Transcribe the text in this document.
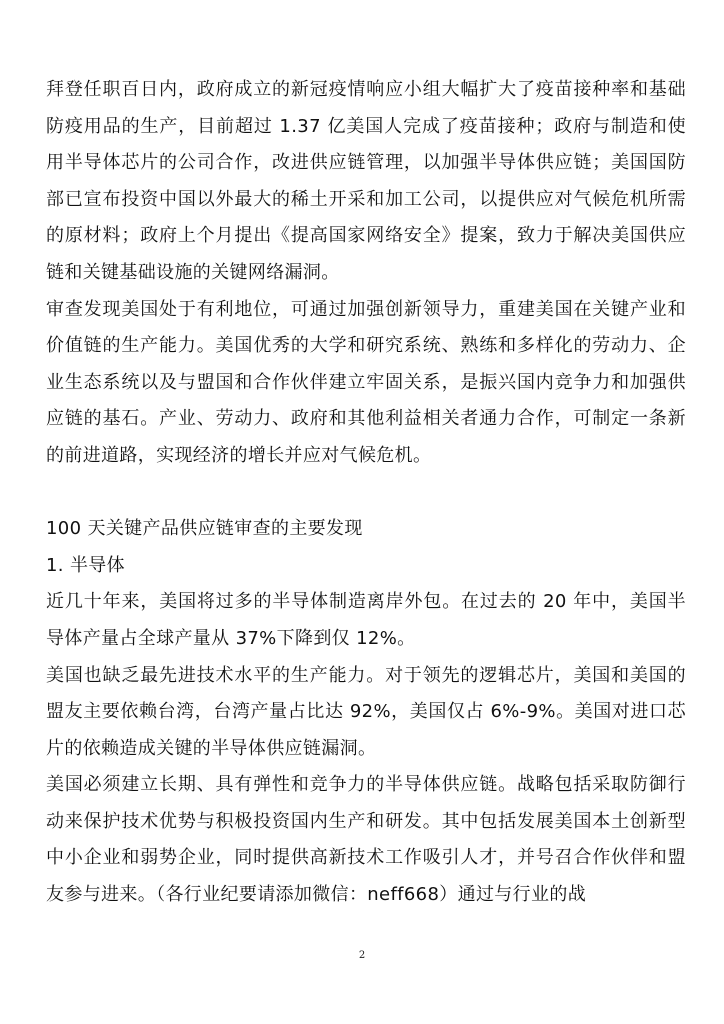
拜登任职百日内，政府成立的新冠疫情响应小组大幅扩大了疫苗接种率和基础防疫用品的生产，目前超过 1.37 亿美国人完成了疫苗接种；政府与制造和使用半导体芯片的公司合作，改进供应链管理，以加强半导体供应链；美国国防部已宣布投资中国以外最大的稀土开采和加工公司，以提供应对气候危机所需的原材料；政府上个月提出《提高国家网络安全》提案，致力于解决美国供应链和关键基础设施的关键网络漏洞。

审查发现美国处于有利地位，可通过加强创新领导力，重建美国在关键产业和价值链的生产能力。美国优秀的大学和研究系统、熟练和多样化的劳动力、企业生态系统以及与盟国和合作伙伴建立牢固关系，是振兴国内竞争力和加强供应链的基石。产业、劳动力、政府和其他利益相关者通力合作，可制定一条新的前进道路，实现经济的增长并应对气候危机。

100 天关键产品供应链审查的主要发现

1. 半导体

近几十年来，美国将过多的半导体制造离岸外包。在过去的 20 年中，美国半导体产量占全球产量从 37%下降到仅 12%。

美国也缺乏最先进技术水平的生产能力。对于领先的逻辑芯片，美国和美国的盟友主要依赖台湾，台湾产量占比达 92%，美国仅占 6%-9%。美国对进口芯片的依赖造成关键的半导体供应链漏洞。

美国必须建立长期、具有弹性和竞争力的半导体供应链。战略包括采取防御行动来保护技术优势与积极投资国内生产和研发。其中包括发展美国本土创新型中小企业和弱势企业，同时提供高新技术工作吸引人才，并号召合作伙伴和盟友参与进来。（各行业纪要请添加微信：neff668）通过与行业的战

2
